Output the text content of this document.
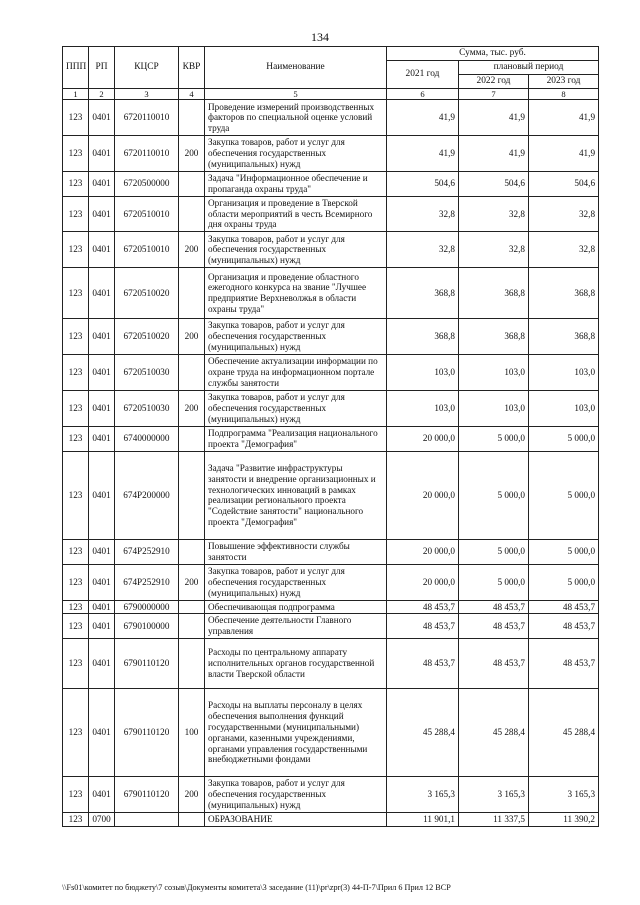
134
ППП	РП	КЦСР	КВР	Наименование	Сумма, тыс. руб.		
					2021 год	плановый период	
						2022 год	2023 год
1	2	3	4	5	6	7	8
123	0401	6720110010		Проведение измерений производственных факторов по специальной оценке условий труда	41,9	41,9	41,9
123	0401	6720110010	200	Закупка товаров, работ и услуг для обеспечения государственных (муниципальных) нужд	41,9	41,9	41,9
123	0401	6720500000		Задача "Информационное обеспечение и пропаганда охраны труда"	504,6	504,6	504,6
123	0401	6720510010		Организация и проведение в Тверской области мероприятий в честь Всемирного дня охраны труда	32,8	32,8	32,8
123	0401	6720510010	200	Закупка товаров, работ и услуг для обеспечения государственных (муниципальных) нужд	32,8	32,8	32,8
123	0401	6720510020		Организация и проведение областного ежегодного конкурса на звание "Лучшее предприятие Верхневолжья в области охраны труда"	368,8	368,8	368,8
123	0401	6720510020	200	Закупка товаров, работ и услуг для обеспечения государственных (муниципальных) нужд	368,8	368,8	368,8
123	0401	6720510030		Обеспечение актуализации информации по охране труда на информационном портале службы занятости	103,0	103,0	103,0
123	0401	6720510030	200	Закупка товаров, работ и услуг для обеспечения государственных (муниципальных) нужд	103,0	103,0	103,0
123	0401	6740000000		Подпрограмма "Реализация национального проекта "Демография"	20 000,0	5 000,0	5 000,0
123	0401	674P200000		Задача "Развитие инфраструктуры занятости и внедрение организационных и технологических инноваций в рамках реализации регионального проекта "Содействие занятости" национального проекта "Демография"	20 000,0	5 000,0	5 000,0
123	0401	674P252910		Повышение эффективности службы занятости	20 000,0	5 000,0	5 000,0
123	0401	674P252910	200	Закупка товаров, работ и услуг для обеспечения государственных (муниципальных) нужд	20 000,0	5 000,0	5 000,0
123	0401	6790000000		Обеспечивающая подпрограмма	48 453,7	48 453,7	48 453,7
123	0401	6790100000		Обеспечение деятельности Главного управления	48 453,7	48 453,7	48 453,7
123	0401	6790110120		Расходы по центральному аппарату исполнительных органов государственной власти Тверской области	48 453,7	48 453,7	48 453,7
123	0401	6790110120	100	Расходы на выплаты персоналу в целях обеспечения выполнения функций государственными (муниципальными) органами, казенными учреждениями, органами управления государственными внебюджетными фондами	45 288,4	45 288,4	45 288,4
123	0401	6790110120	200	Закупка товаров, работ и услуг для обеспечения государственных (муниципальных) нужд	3 165,3	3 165,3	3 165,3
123	0700			ОБРАЗОВАНИЕ	11 901,1	11 337,5	11 390,2
\\Fs01\комитет по бюджету\7 созыв\Документы комитета\3 заседание (11)\pr\zpr(3) 44-П-7\Прил 6 Прил 12 ВСР
